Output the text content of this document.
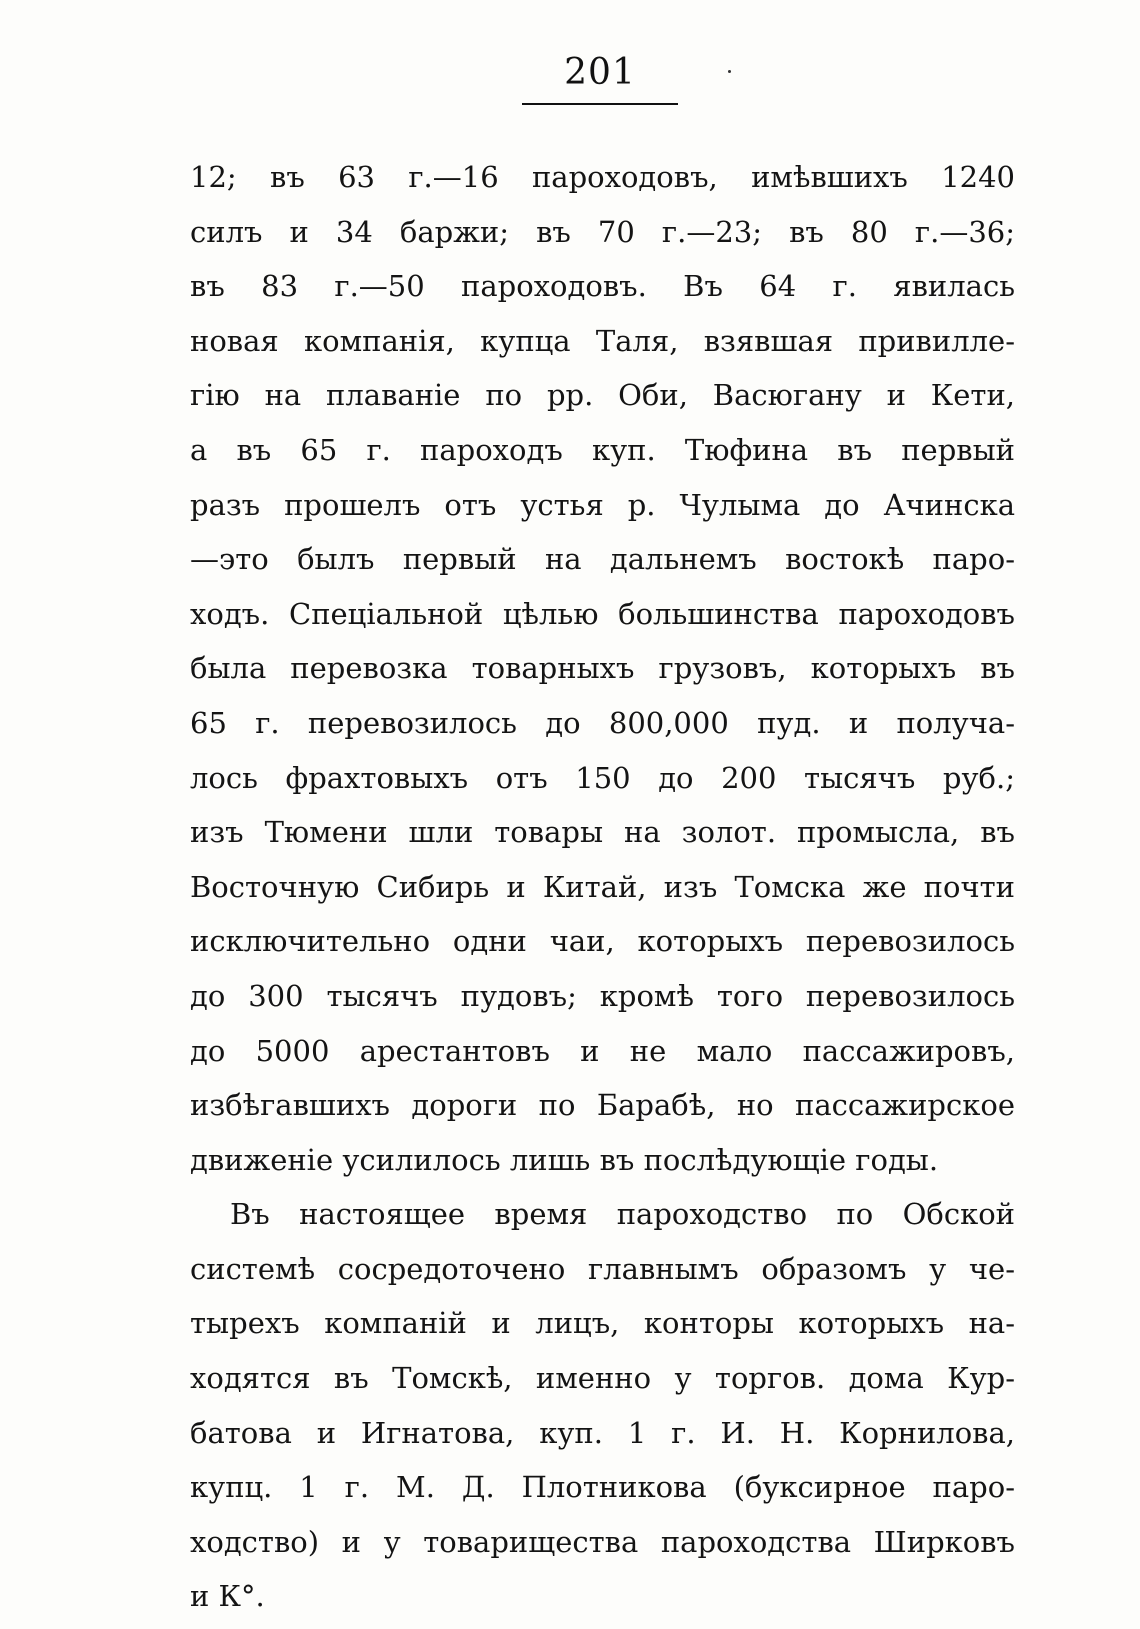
201
12; въ 63 г.—16 пароходовъ, имѣвшихъ 1240
силъ и 34 баржи; въ 70 г.—23; въ 80 г.—36;
въ 83 г.—50 пароходовъ. Въ 64 г. явилась
новая компанія, купца Таля, взявшая привилле-
гію на плаваніе по рр. Оби, Васюгану и Кети,
а въ 65 г. пароходъ куп. Тюфина въ первый
разъ прошелъ отъ устья р. Чулыма до Ачинска
—это былъ первый на дальнемъ востокѣ паро-
ходъ. Спеціальной цѣлью большинства пароходовъ
была перевозка товарныхъ грузовъ, которыхъ въ
65 г. перевозилось до 800,000 пуд. и получа-
лось фрахтовыхъ отъ 150 до 200 тысячъ руб.;
изъ Тюмени шли товары на золот. промысла, въ
Восточную Сибирь и Китай, изъ Томска же почти
исключительно одни чаи, которыхъ перевозилось
до 300 тысячъ пудовъ; кромѣ того перевозилось
до 5000 арестантовъ и не мало пассажировъ,
избѣгавшихъ дороги по Барабѣ, но пассажирское
движеніе усилилось лишь въ послѣдующіе годы.
Въ настоящее время пароходство по Обской
системѣ сосредоточено главнымъ образомъ у че-
тырехъ компаній и лицъ, конторы которыхъ на-
ходятся въ Томскѣ, именно у торгов. дома Кур-
батова и Игнатова, куп. 1 г. И. Н. Корнилова,
купц. 1 г. М. Д. Плотникова (буксирное паро-
ходство) и у товарищества пароходства Ширковъ
и К°.
